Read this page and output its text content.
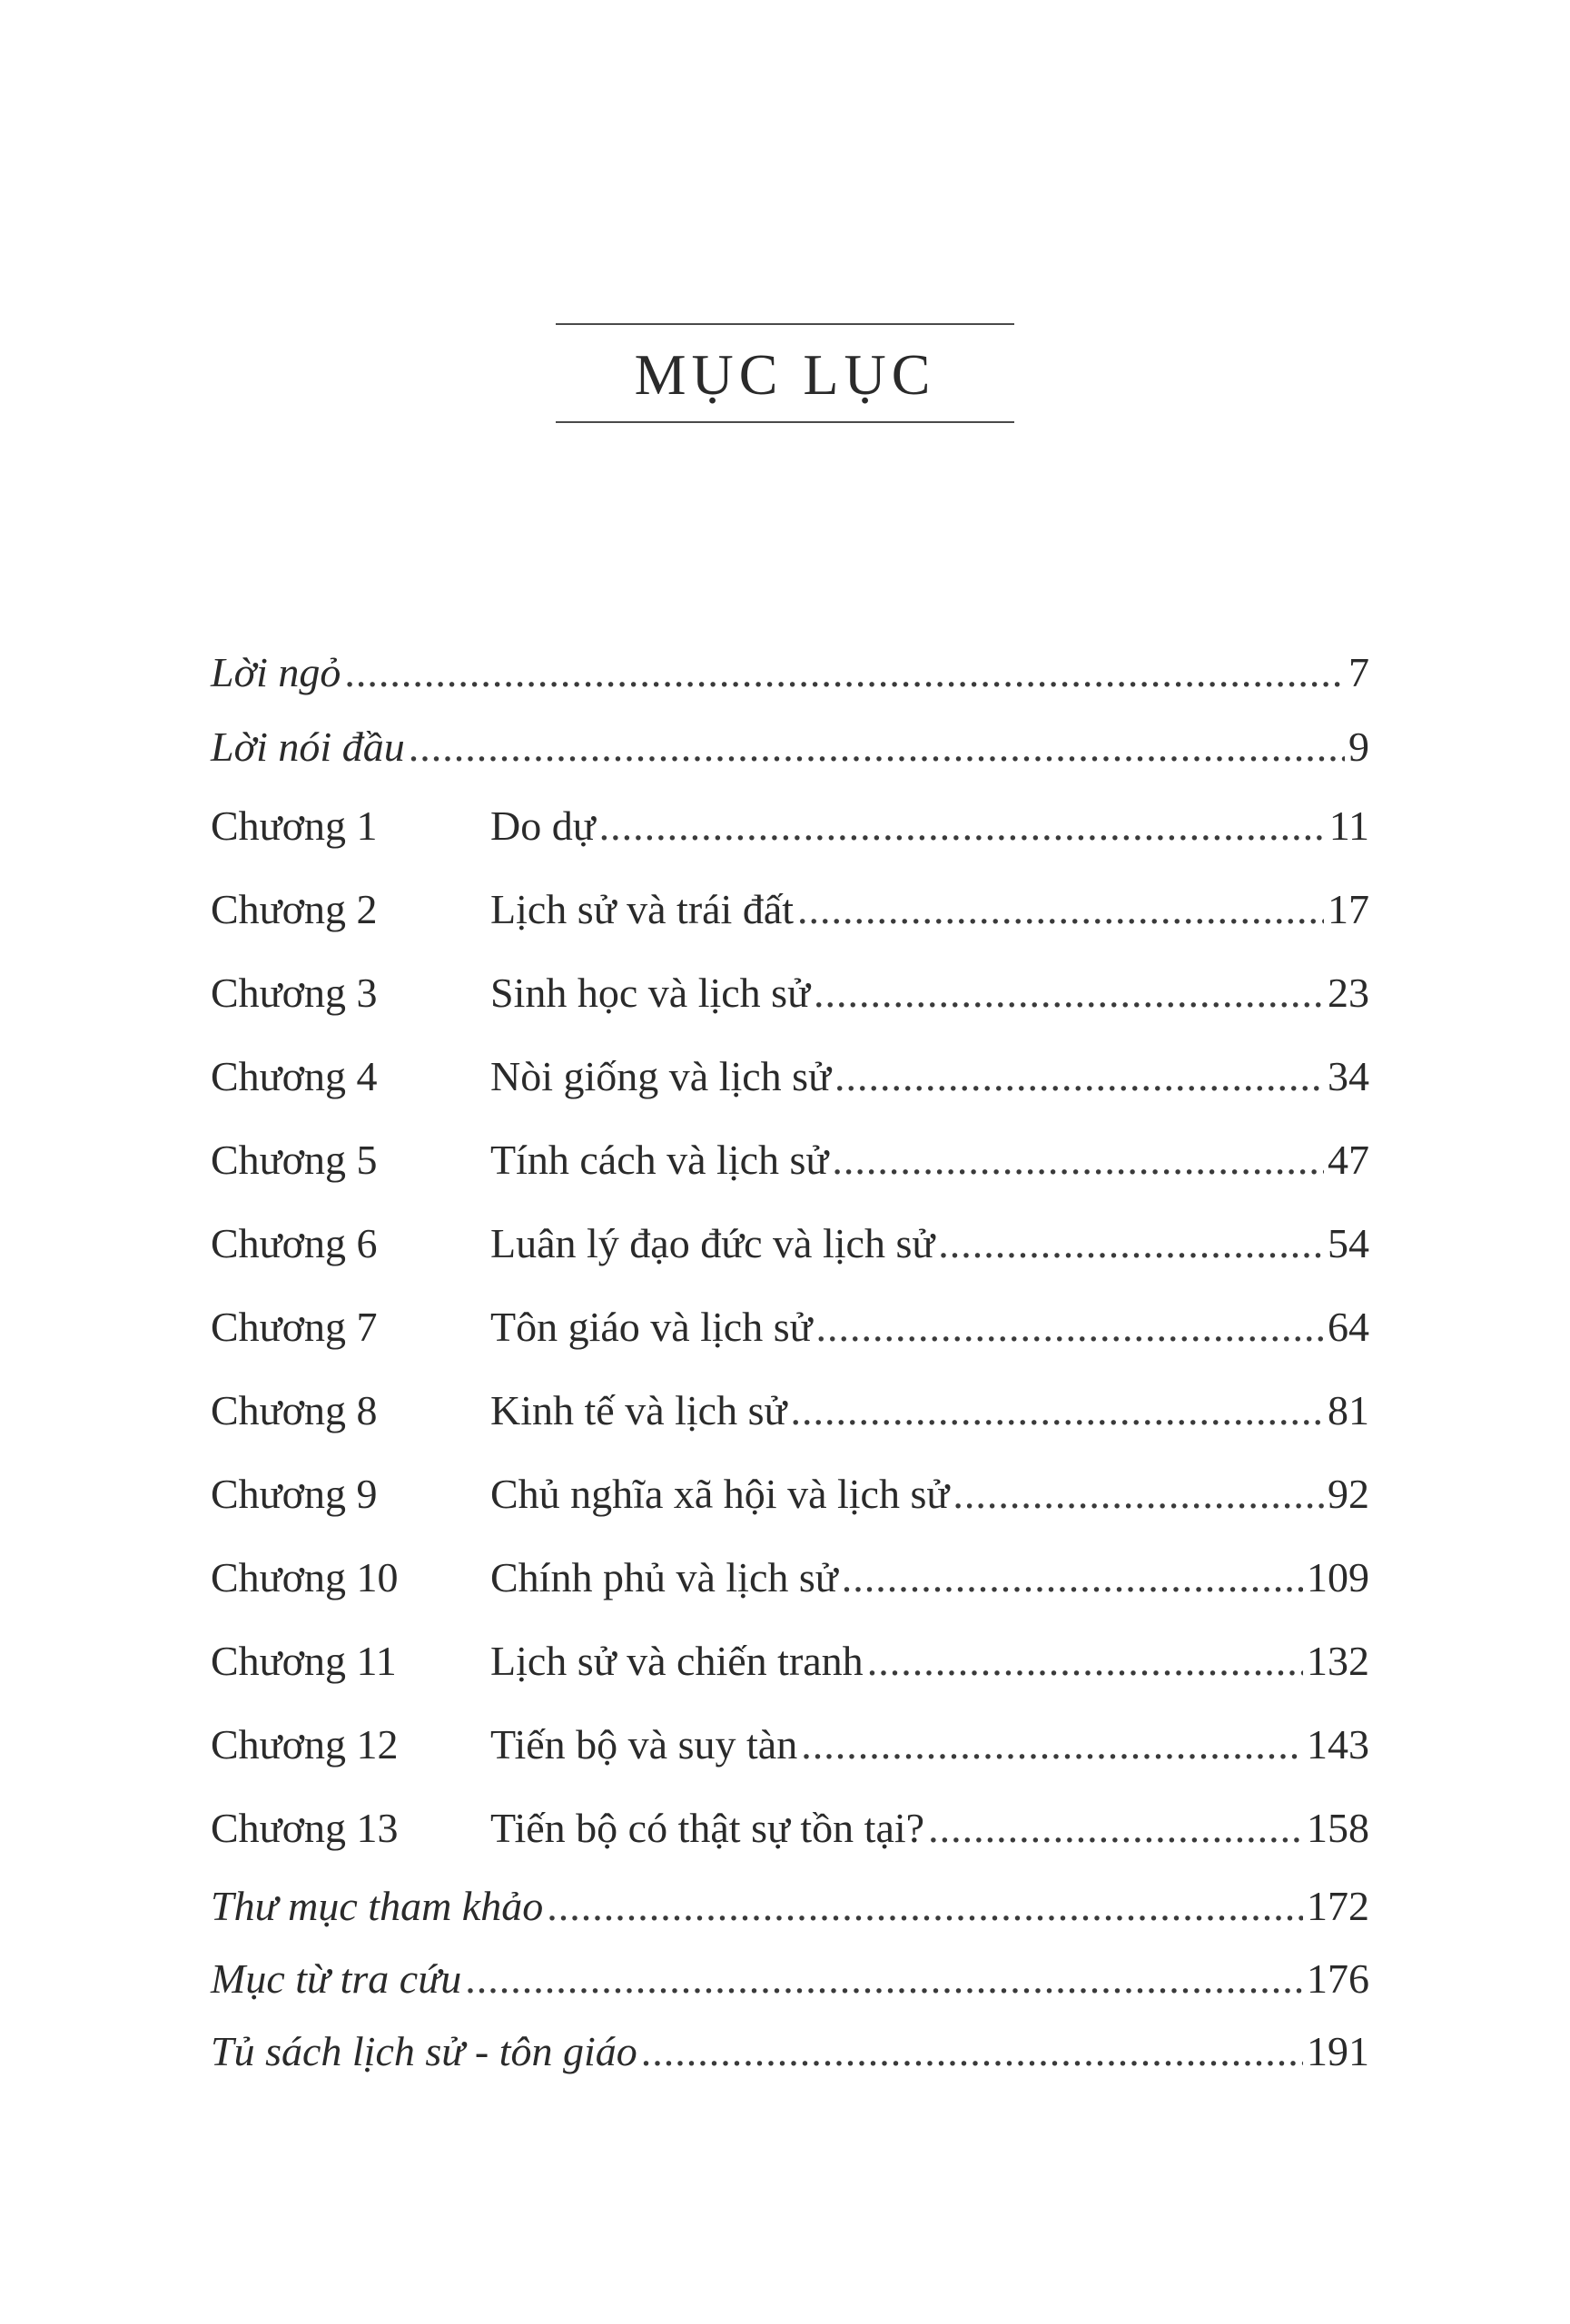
MỤC LỤC
Lời ngỏ .....	7
Lời nói đầu .....	9
Chương 1	Do dự .....	11
Chương 2	Lịch sử và trái đất .....	17
Chương 3	Sinh học và lịch sử .....	23
Chương 4	Nòi giống và lịch sử .....	34
Chương 5	Tính cách và lịch sử .....	47
Chương 6	Luân lý đạo đức và lịch sử .....	54
Chương 7	Tôn giáo và lịch sử .....	64
Chương 8	Kinh tế và lịch sử .....	81
Chương 9	Chủ nghĩa xã hội và lịch sử .....	92
Chương 10	Chính phủ và lịch sử .....	109
Chương 11	Lịch sử và chiến tranh .....	132
Chương 12	Tiến bộ và suy tàn .....	143
Chương 13	Tiến bộ có thật sự tồn tại? .....	158
Thư mục tham khảo .....	172
Mục từ tra cứu .....	176
Tủ sách lịch sử - tôn giáo .....	191
